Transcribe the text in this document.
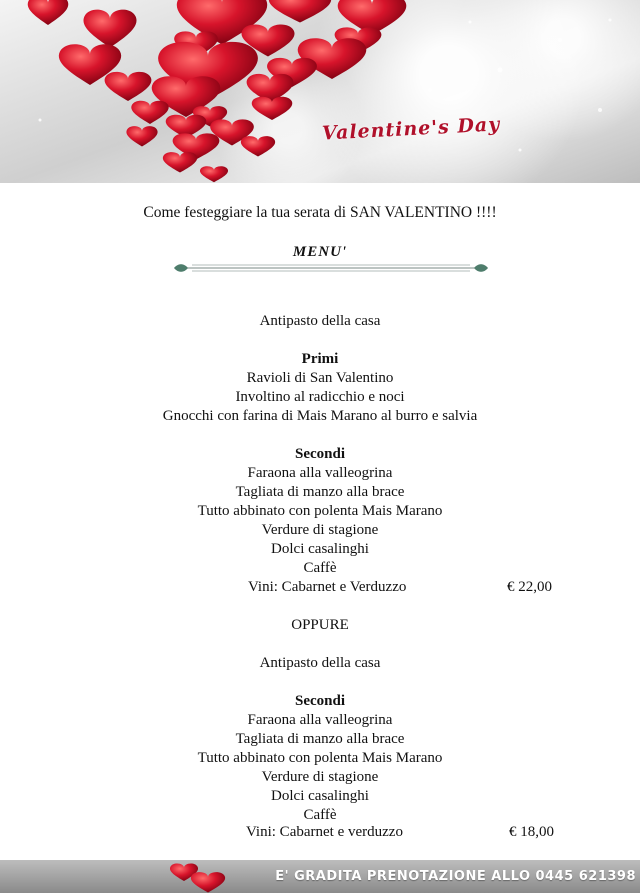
Valentine's Day
Come festeggiare la tua serata di SAN VALENTINO !!!!
MENU'
Antipasto della casa
Primi
Ravioli di San Valentino
Involtino al radicchio e noci
Gnocchi con farina di Mais Marano al burro e salvia
Secondi
Faraona alla valleogrina
Tagliata di manzo alla brace
Tutto abbinato con polenta Mais Marano
Verdure di stagione
Dolci casalinghi
Caffè
Vini: Cabarnet e Verduzzo	€ 22,00
OPPURE
Antipasto della casa
Secondi
Faraona alla valleogrina
Tagliata di manzo alla brace
Tutto abbinato con polenta Mais Marano
Verdure di stagione
Dolci casalinghi
Caffè
Vini: Cabarnet e verduzzo	€ 18,00
E' GRADITA PRENOTAZIONE ALLO 0445 621398
